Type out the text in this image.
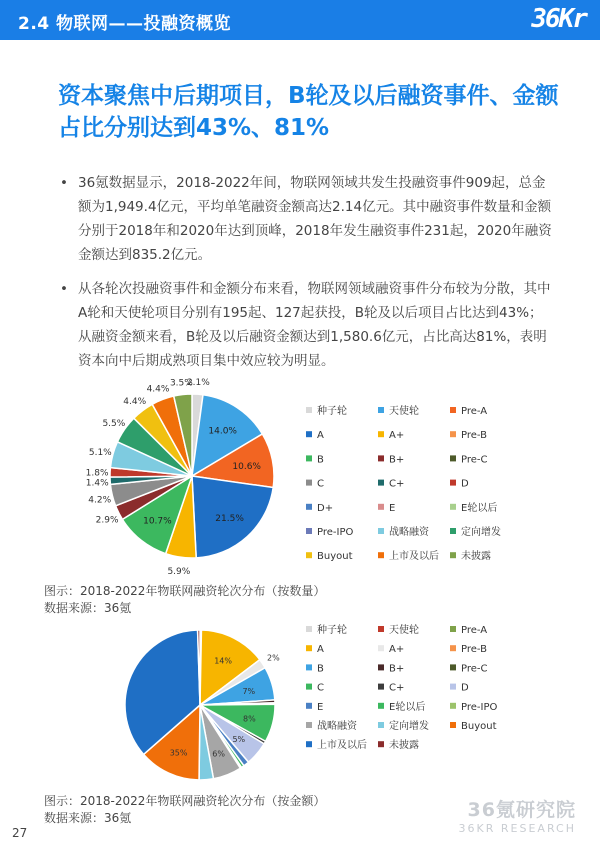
2.4 物联网——投融资概览	36Kr
资本聚焦中后期项目，B轮及以后融资事件、金额占比分别达到43%、81%
• 36氪数据显示，2018-2022年间，物联网领域共发生投融资事件909起，总金额为1,949.4亿元，平均单笔融资金额高达2.14亿元。其中融资事件数量和金额分别于2018年和2020年达到顶峰，2018年发生融资事件231起，2020年融资金额达到835.2亿元。
• 从各轮次投融资事件和金额分布来看，物联网领域融资事件分布较为分散，其中A轮和天使轮项目分别有195起、127起获投，B轮及以后项目占比达到43%；从融资金额来看，B轮及以后融资金额达到1,580.6亿元，占比高达81%，表明资本向中后期成熟项目集中效应较为明显。
2.1%
14.0%
10.6%
21.5%
5.9%
10.7%
2.9%
4.2%
1.4%
1.8%
5.1%
5.5%
4.4%
4.4%
3.5%
种子轮	天使轮	Pre-A
A	A+	Pre-B
B	B+	Pre-C
C	C+	D
D+	E	E轮以后
Pre-IPO	战略融资	定向增发
Buyout	上市及以后 未披露
图示：2018-2022年物联网融资轮次分布（按数量）
数据来源：36氪
14%	2%
7%
8%
5%
6%
35%
种子轮	天使轮	Pre-A
A	A+	Pre-B
B	B+	Pre-C
C	C+	D
E	E轮以后	Pre-IPO
战略融资	定向增发	Buyout
上市及以后 未披露
图示：2018-2022年物联网融资轮次分布（按金额）
数据来源：36氪	36氪研究院
36KR RESEARCH
27
